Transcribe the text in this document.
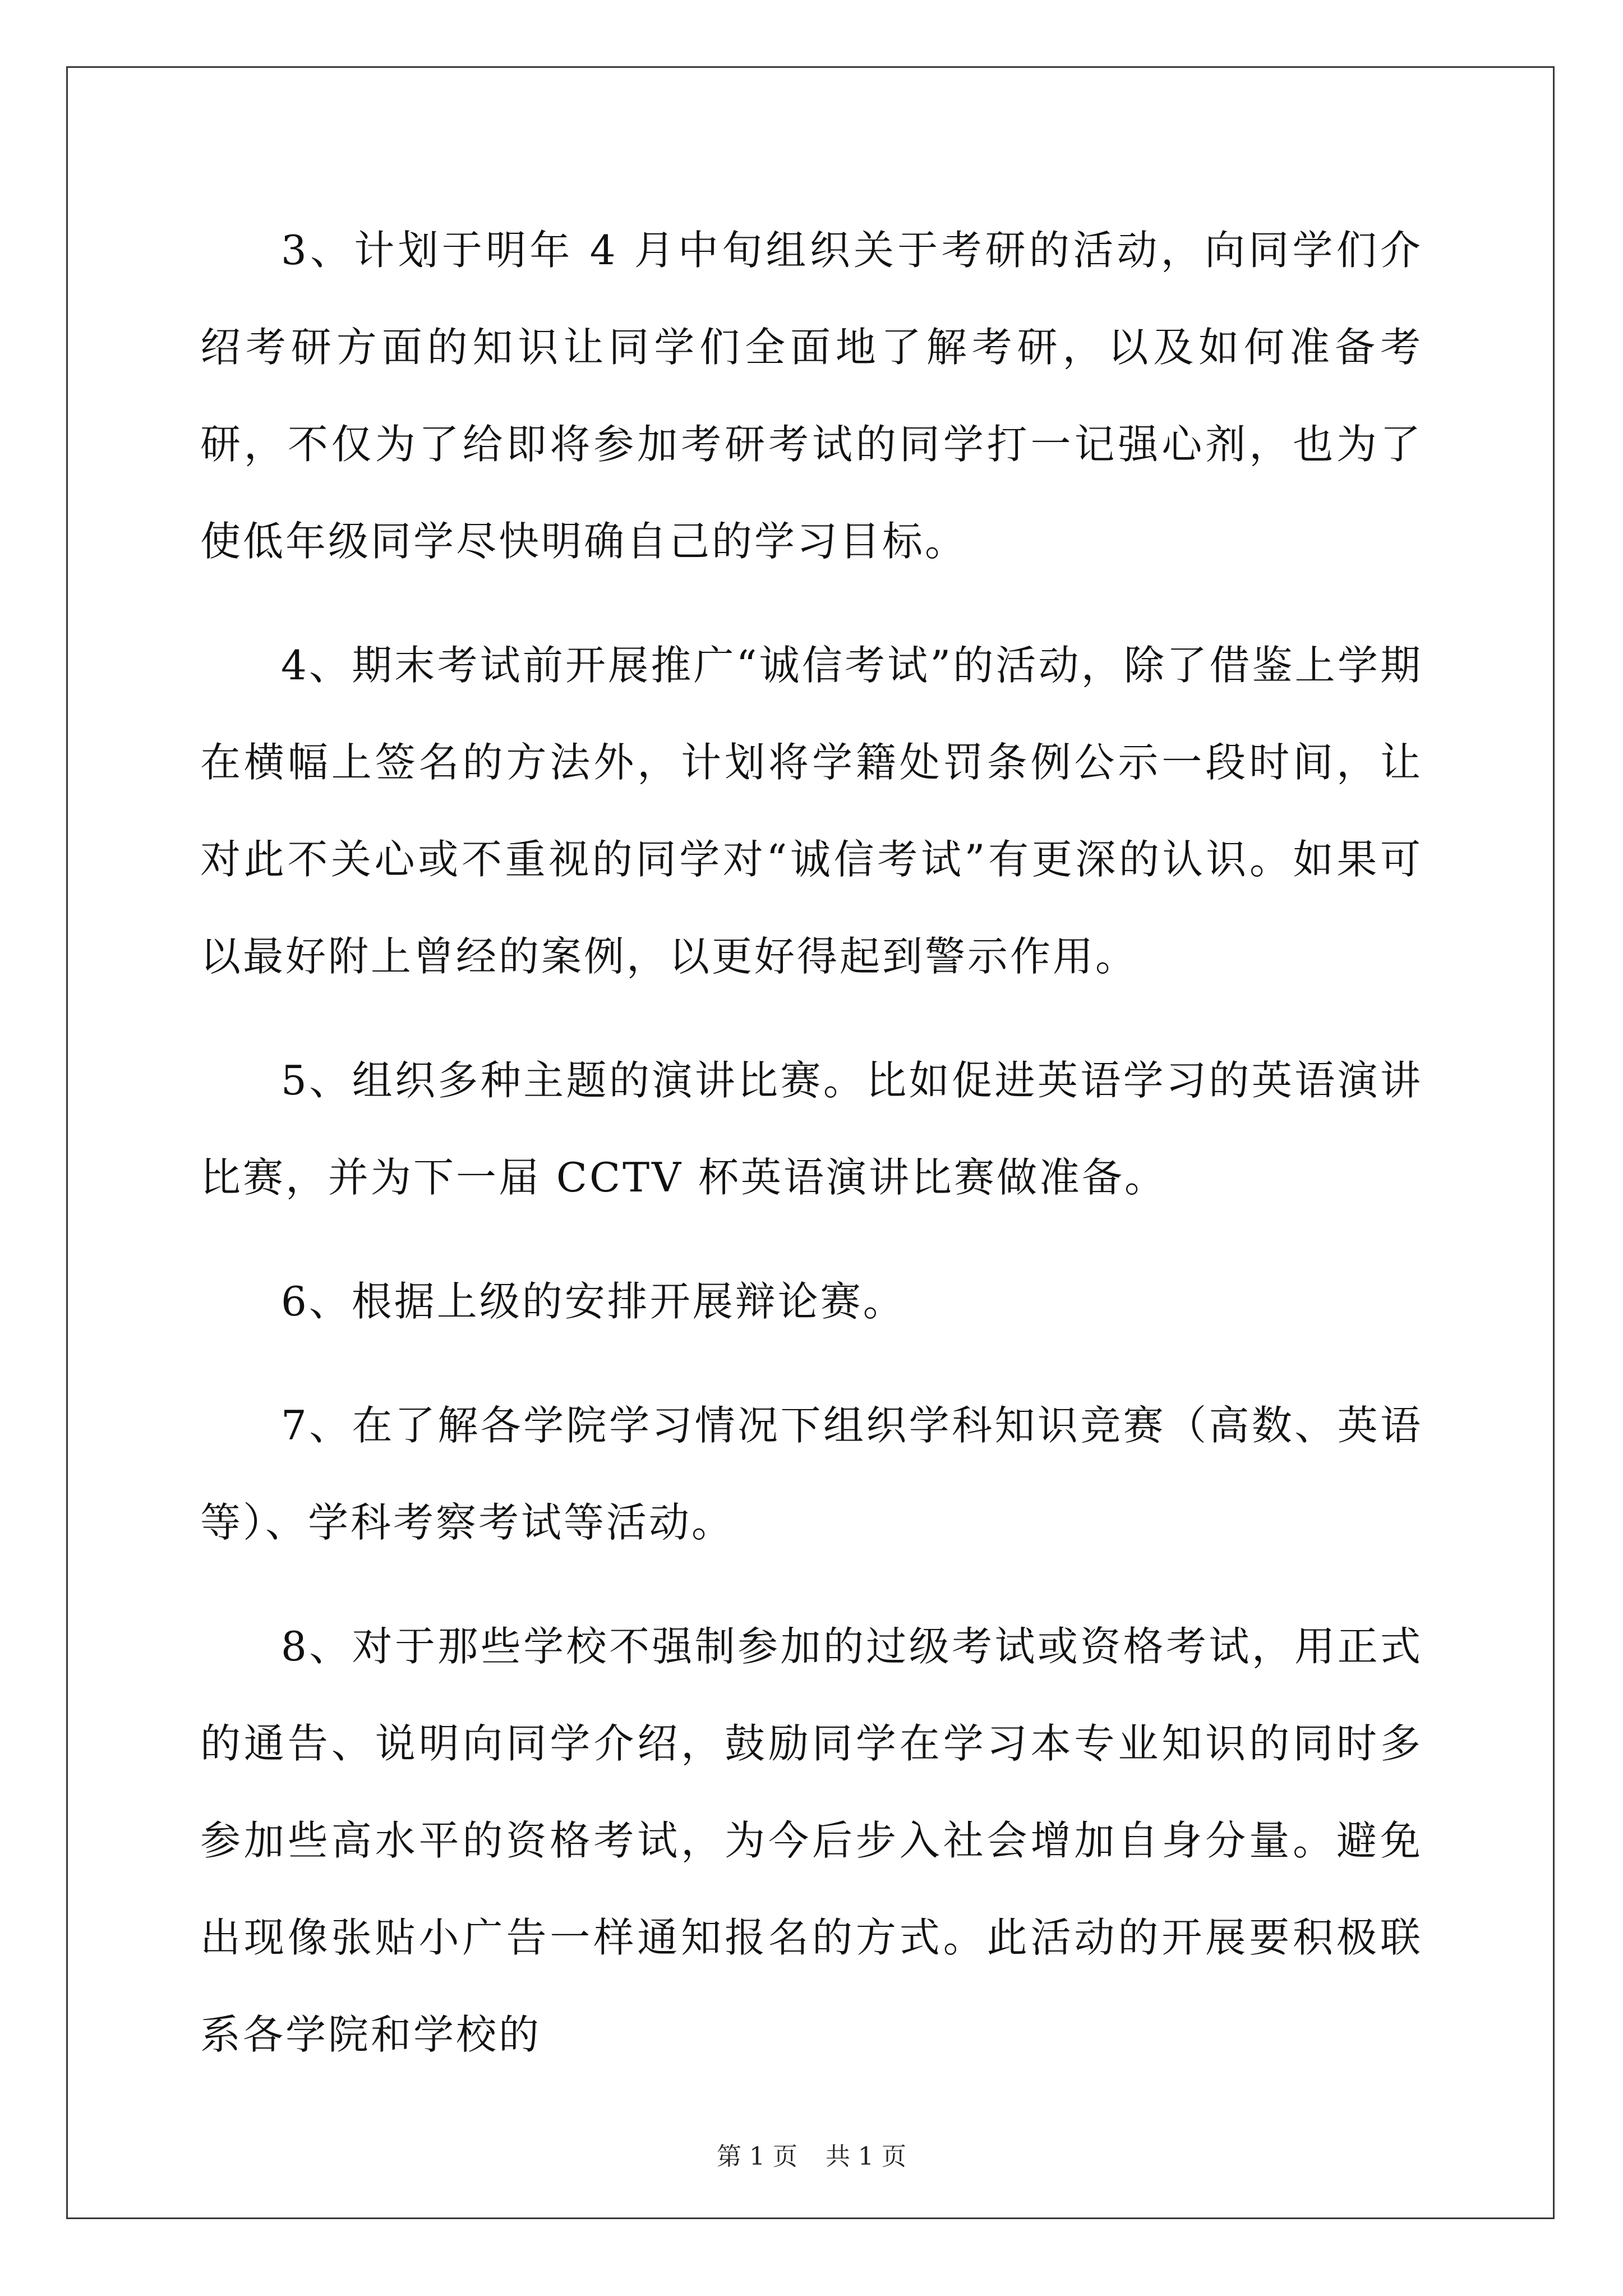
3、计划于明年 4 月中旬组织关于考研的活动，向同学们介绍考研方面的知识让同学们全面地了解考研，以及如何准备考研，不仅为了给即将参加考研考试的同学打一记强心剂，也为了使低年级同学尽快明确自己的学习目标。

4、期末考试前开展推广“诚信考试”的活动，除了借鉴上学期在横幅上签名的方法外，计划将学籍处罚条例公示一段时间，让对此不关心或不重视的同学对“诚信考试”有更深的认识。如果可以最好附上曾经的案例，以更好得起到警示作用。

5、组织多种主题的演讲比赛。比如促进英语学习的英语演讲比赛，并为下一届 CCTV 杯英语演讲比赛做准备。

6、根据上级的安排开展辩论赛。

7、在了解各学院学习情况下组织学科知识竞赛（高数、英语等）、学科考察考试等活动。

8、对于那些学校不强制参加的过级考试或资格考试，用正式的通告、说明向同学介绍，鼓励同学在学习本专业知识的同时多参加些高水平的资格考试，为今后步入社会增加自身分量。避免出现像张贴小广告一样通知报名的方式。此活动的开展要积极联系各学院和学校的

第 1 页 共 1 页
